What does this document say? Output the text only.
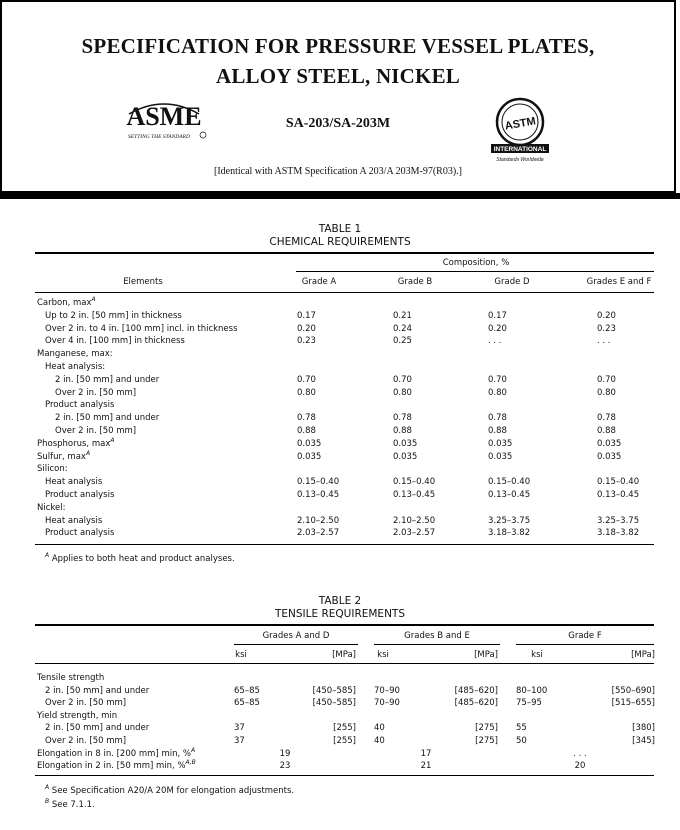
SPECIFICATION FOR PRESSURE VESSEL PLATES,
ALLOY STEEL, NICKEL
ASME
SETTING THE STANDARD
SA-203/SA-203M	ASTM
INTERNATIONAL
Standards Worldwide
[Identical with ASTM Specification A 203/A 203M-97(R03).]
TABLE 1
CHEMICAL REQUIREMENTS
Composition, %
Elements	Grade A	Grade B	Grade D	Grades E and F
Carbon, $\max^A$
Up to 2 in. [50 mm] in thickness	0.17	0.21	0.17	0.20
Over 2 in. to 4 in. [100 mm] incl. in thickness	0.20	0.24	0.20	0.23
Over 4 in. [100 mm] in thickness	0.23	0.25	. . .	. . .
Manganese, max:
Heat analysis:
2 in. [50 mm] and under	0.70	0.70	0.70	0.70
Over 2 in. [50 mm]	0.80	0.80	0.80	0.80
Product analysis
2 in. [50 mm] and under	0.78	0.78	0.78	0.78
Over 2 in. [50 mm]	0.88	0.88	0.88	0.88
Phosphorus, $\max^A$	0.035	0.035	0.035	0.035
Sulfur, $\max^A$	0.035	0.035	0.035	0.035
Silicon:
Heat analysis	0.15–0.40	0.15–0.40	0.15–0.40	0.15–0.40
Product analysis	0.13–0.45	0.13–0.45	0.13–0.45	0.13–0.45
Nickel:
Heat analysis	2.10–2.50	2.10–2.50	3.25–3.75	3.25–3.75
Product analysis	2.03–2.57	2.03–2.57	3.18–3.82	3.18–3.82
$^A$ Applies to both heat and product analyses.
TABLE 2
TENSILE REQUIREMENTS
Grades A and D	Grades B and E	Grade F
ksi	[MPa] ksi	[MPa]	ksi	[MPa]
Tensile strength
2 in. [50 mm] and under	65–85	[450–585] 70–90	[485–620] 80–100	[550–690]
Over 2 in. [50 mm]	65–85	[450–585] 70–90	[485–620] 75–95	[515–655]
Yield strength, min
2 in. [50 mm] and under	37	[255] 40	[275] 55	[380]
Over 2 in. [50 mm]	37	[255] 40	[275] 50	[345]
Elongation in 8 in. [200 mm] min, %$^A$	19	17	. . .
Elongation in 2 in. [50 mm] min, %$^{A,B}$	23	21	20
$^A$ See Specification A20/A 20M for elongation adjustments.
$^B$ See 7.1.1.
